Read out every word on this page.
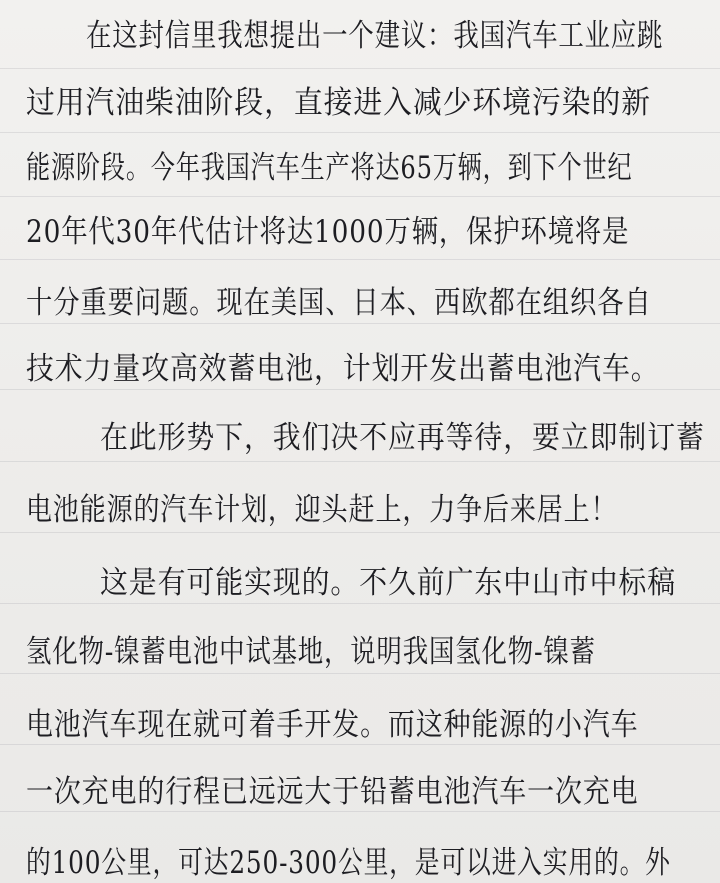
在这封信里我想提出一个建议：我国汽车工业应跳
过用汽油柴油阶段，直接进入减少环境污染的新
能源阶段。今年我国汽车生产将达65万辆，到下个世纪
20年代30年代估计将达1000万辆，保护环境将是
十分重要问题。现在美国、日本、西欧都在组织各自
技术力量攻高效蓄电池，计划开发出蓄电池汽车。
在此形势下，我们决不应再等待，要立即制订蓄
电池能源的汽车计划，迎头赶上，力争后来居上！
这是有可能实现的。不久前广东中山市中标稿
氢化物-镍蓄电池中试基地，说明我国氢化物-镍蓄
电池汽车现在就可着手开发。而这种能源的小汽车
一次充电的行程已远远大于铅蓄电池汽车一次充电
的100公里，可达250-300公里，是可以进入实用的。外
